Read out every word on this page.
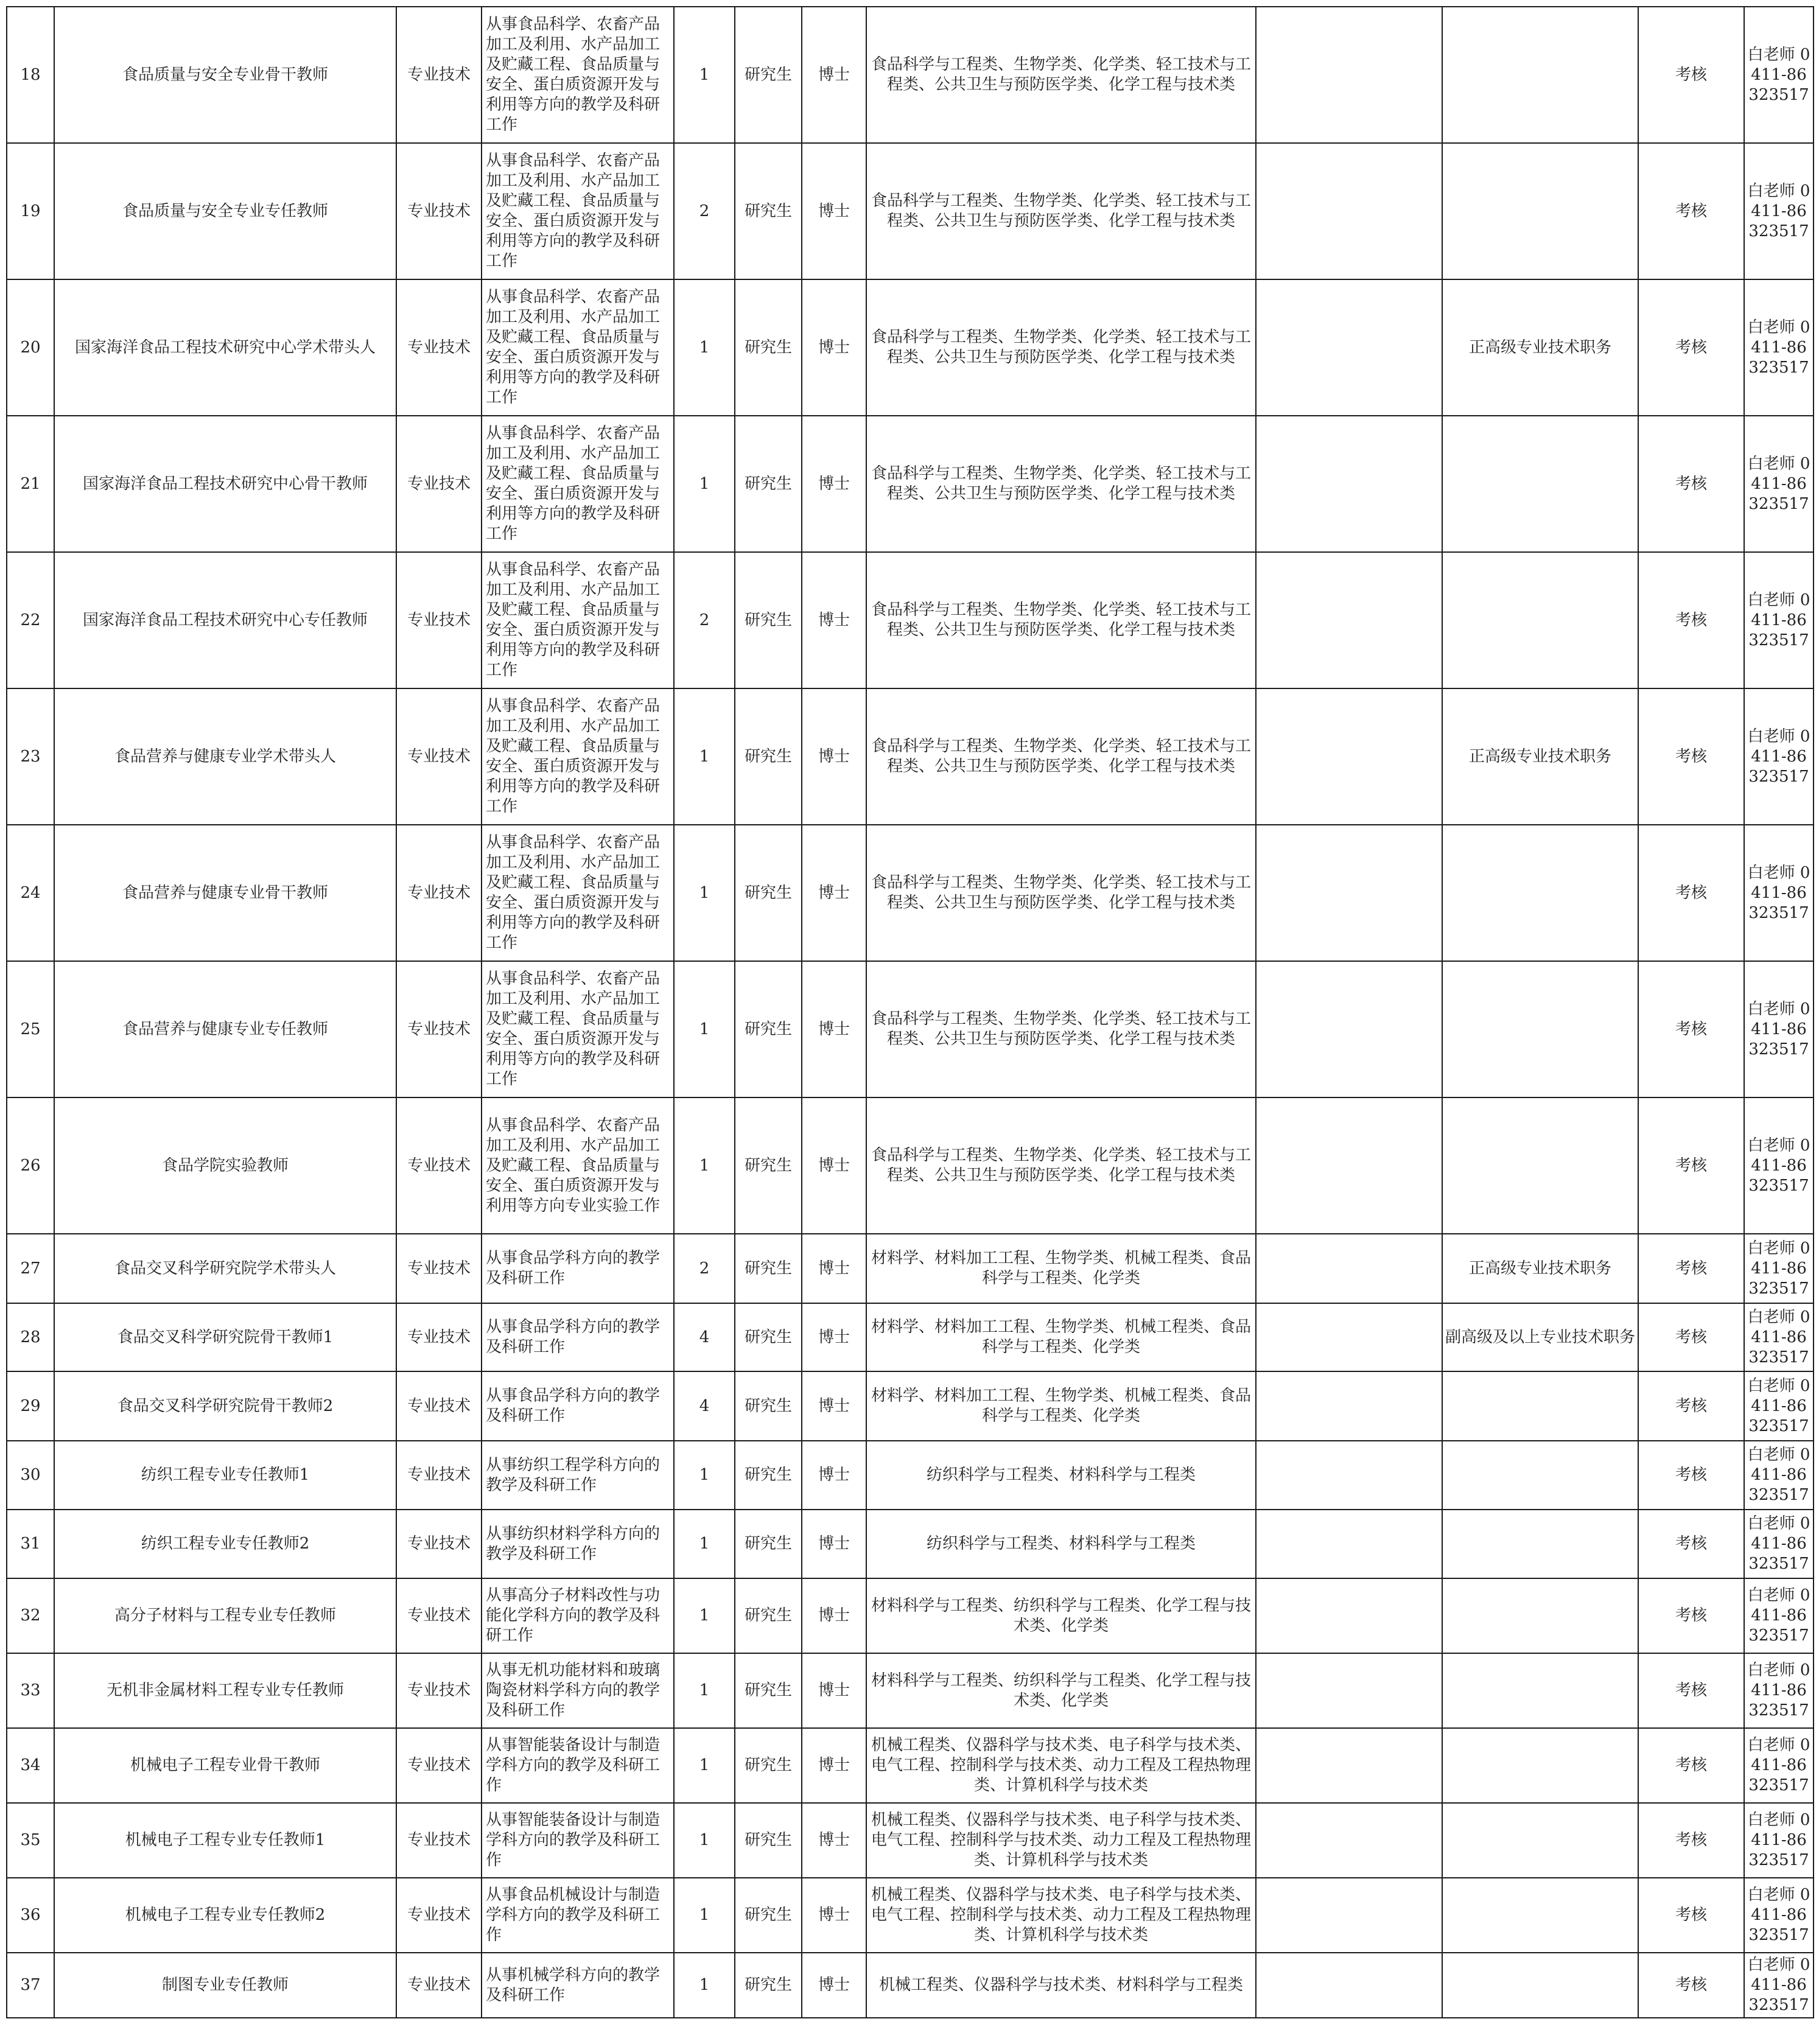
18	食品质量与安全专业骨干教师	专业技术	从事食品科学、农畜产品加工及利用、水产品加工及贮藏工程、食品质量与安全、蛋白质资源开发与利用等方向的教学及科研工作	1	研究生	博士	食品科学与工程类、生物学类、化学类、轻工技术与工程类、公共卫生与预防医学类、化学工程与技术类			考核	白老师 0411-86323517
19	食品质量与安全专业专任教师	专业技术	从事食品科学、农畜产品加工及利用、水产品加工及贮藏工程、食品质量与安全、蛋白质资源开发与利用等方向的教学及科研工作	2	研究生	博士	食品科学与工程类、生物学类、化学类、轻工技术与工程类、公共卫生与预防医学类、化学工程与技术类			考核	白老师 0411-86323517
20	国家海洋食品工程技术研究中心学术带头人	专业技术	从事食品科学、农畜产品加工及利用、水产品加工及贮藏工程、食品质量与安全、蛋白质资源开发与利用等方向的教学及科研工作	1	研究生	博士	食品科学与工程类、生物学类、化学类、轻工技术与工程类、公共卫生与预防医学类、化学工程与技术类		正高级专业技术职务	考核	白老师 0411-86323517
21	国家海洋食品工程技术研究中心骨干教师	专业技术	从事食品科学、农畜产品加工及利用、水产品加工及贮藏工程、食品质量与安全、蛋白质资源开发与利用等方向的教学及科研工作	1	研究生	博士	食品科学与工程类、生物学类、化学类、轻工技术与工程类、公共卫生与预防医学类、化学工程与技术类			考核	白老师 0411-86323517
22	国家海洋食品工程技术研究中心专任教师	专业技术	从事食品科学、农畜产品加工及利用、水产品加工及贮藏工程、食品质量与安全、蛋白质资源开发与利用等方向的教学及科研工作	2	研究生	博士	食品科学与工程类、生物学类、化学类、轻工技术与工程类、公共卫生与预防医学类、化学工程与技术类			考核	白老师 0411-86323517
23	食品营养与健康专业学术带头人	专业技术	从事食品科学、农畜产品加工及利用、水产品加工及贮藏工程、食品质量与安全、蛋白质资源开发与利用等方向的教学及科研工作	1	研究生	博士	食品科学与工程类、生物学类、化学类、轻工技术与工程类、公共卫生与预防医学类、化学工程与技术类		正高级专业技术职务	考核	白老师 0411-86323517
24	食品营养与健康专业骨干教师	专业技术	从事食品科学、农畜产品加工及利用、水产品加工及贮藏工程、食品质量与安全、蛋白质资源开发与利用等方向的教学及科研工作	1	研究生	博士	食品科学与工程类、生物学类、化学类、轻工技术与工程类、公共卫生与预防医学类、化学工程与技术类			考核	白老师 0411-86323517
25	食品营养与健康专业专任教师	专业技术	从事食品科学、农畜产品加工及利用、水产品加工及贮藏工程、食品质量与安全、蛋白质资源开发与利用等方向的教学及科研工作	1	研究生	博士	食品科学与工程类、生物学类、化学类、轻工技术与工程类、公共卫生与预防医学类、化学工程与技术类			考核	白老师 0411-86323517
26	食品学院实验教师	专业技术	从事食品科学、农畜产品加工及利用、水产品加工及贮藏工程、食品质量与安全、蛋白质资源开发与利用等方向专业实验工作	1	研究生	博士	食品科学与工程类、生物学类、化学类、轻工技术与工程类、公共卫生与预防医学类、化学工程与技术类			考核	白老师 0411-86323517
27	食品交叉科学研究院学术带头人	专业技术	从事食品学科方向的教学及科研工作	2	研究生	博士	材料学、材料加工工程、生物学类、机械工程类、食品科学与工程类、化学类		正高级专业技术职务	考核	白老师 0411-86323517
28	食品交叉科学研究院骨干教师1	专业技术	从事食品学科方向的教学及科研工作	4	研究生	博士	材料学、材料加工工程、生物学类、机械工程类、食品科学与工程类、化学类		副高级及以上专业技术职务	考核	白老师 0411-86323517
29	食品交叉科学研究院骨干教师2	专业技术	从事食品学科方向的教学及科研工作	4	研究生	博士	材料学、材料加工工程、生物学类、机械工程类、食品科学与工程类、化学类			考核	白老师 0411-86323517
30	纺织工程专业专任教师1	专业技术	从事纺织工程学科方向的教学及科研工作	1	研究生	博士	纺织科学与工程类、材料科学与工程类			考核	白老师 0411-86323517
31	纺织工程专业专任教师2	专业技术	从事纺织材料学科方向的教学及科研工作	1	研究生	博士	纺织科学与工程类、材料科学与工程类			考核	白老师 0411-86323517
32	高分子材料与工程专业专任教师	专业技术	从事高分子材料改性与功能化学科方向的教学及科研工作	1	研究生	博士	材料科学与工程类、纺织科学与工程类、化学工程与技术类、化学类			考核	白老师 0411-86323517
33	无机非金属材料工程专业专任教师	专业技术	从事无机功能材料和玻璃陶瓷材料学科方向的教学及科研工作	1	研究生	博士	材料科学与工程类、纺织科学与工程类、化学工程与技术类、化学类			考核	白老师 0411-86323517
34	机械电子工程专业骨干教师	专业技术	从事智能装备设计与制造学科方向的教学及科研工作	1	研究生	博士	机械工程类、仪器科学与技术类、电子科学与技术类、电气工程、控制科学与技术类、动力工程及工程热物理类、计算机科学与技术类			考核	白老师 0411-86323517
35	机械电子工程专业专任教师1	专业技术	从事智能装备设计与制造学科方向的教学及科研工作	1	研究生	博士	机械工程类、仪器科学与技术类、电子科学与技术类、电气工程、控制科学与技术类、动力工程及工程热物理类、计算机科学与技术类			考核	白老师 0411-86323517
36	机械电子工程专业专任教师2	专业技术	从事食品机械设计与制造学科方向的教学及科研工作	1	研究生	博士	机械工程类、仪器科学与技术类、电子科学与技术类、电气工程、控制科学与技术类、动力工程及工程热物理类、计算机科学与技术类			考核	白老师 0411-86323517
37	制图专业专任教师	专业技术	从事机械学科方向的教学及科研工作	1	研究生	博士	机械工程类、仪器科学与技术类、材料科学与工程类			考核	白老师 0411-86323517
